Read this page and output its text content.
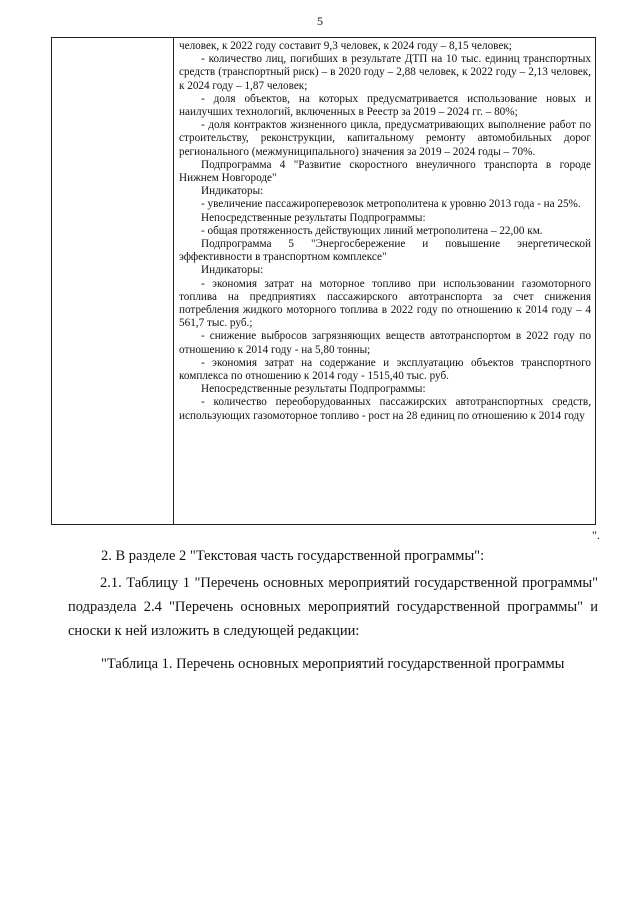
5

человек, к 2022 году составит 9,3 человек, к 2024 году – 8,15 человек;

- количество лиц, погибших в результате ДТП на 10 тыс. единиц транспортных средств (транспортный риск) – в 2020 году – 2,88 человек, к 2022 году – 2,13 человек, к 2024 году – 1,87 человек;

- доля объектов, на которых предусматривается использование новых и наилучших технологий, включенных в Реестр за 2019 – 2024 гг. – 80%;

- доля контрактов жизненного цикла, предусматривающих выполнение работ по строительству, реконструкции, капитальному ремонту автомобильных дорог регионального (межмуниципального) значения за 2019 – 2024 годы – 70%.

Подпрограмма 4 "Развитие скоростного внеуличного транспорта в городе Нижнем Новгороде"

Индикаторы:

- увеличение пассажироперевозок метрополитена к уровню 2013 года - на 25%.

Непосредственные результаты Подпрограммы:

- общая протяженность действующих линий метрополитена – 22,00 км.

Подпрограмма 5 "Энергосбережение и повышение энергетической эффективности в транспортном комплексе"

Индикаторы:

- экономия затрат на моторное топливо при использовании газомоторного топлива на предприятиях пассажирского автотранспорта за счет снижения потребления жидкого моторного топлива в 2022 году по отношению к 2014 году – 4 561,7 тыс. руб.;

- снижение выбросов загрязняющих веществ автотранспортом в 2022 году по отношению к 2014 году - на 5,80 тонны;

- экономия затрат на содержание и эксплуатацию объектов транспортного комплекса по отношению к 2014 году - 1515,40 тыс. руб.

Непосредственные результаты Подпрограммы:

- количество переоборудованных пассажирских автотранспортных средств, использующих газомоторное топливо - рост на 28 единиц по отношению к 2014 году

".
2. В разделе 2 "Текстовая часть государственной программы":
2.1. Таблицу 1 "Перечень основных мероприятий государственной программы" подраздела 2.4 "Перечень основных мероприятий государственной программы" и сноски к ней изложить в следующей редакции:
"Таблица 1. Перечень основных мероприятий государственной программы
